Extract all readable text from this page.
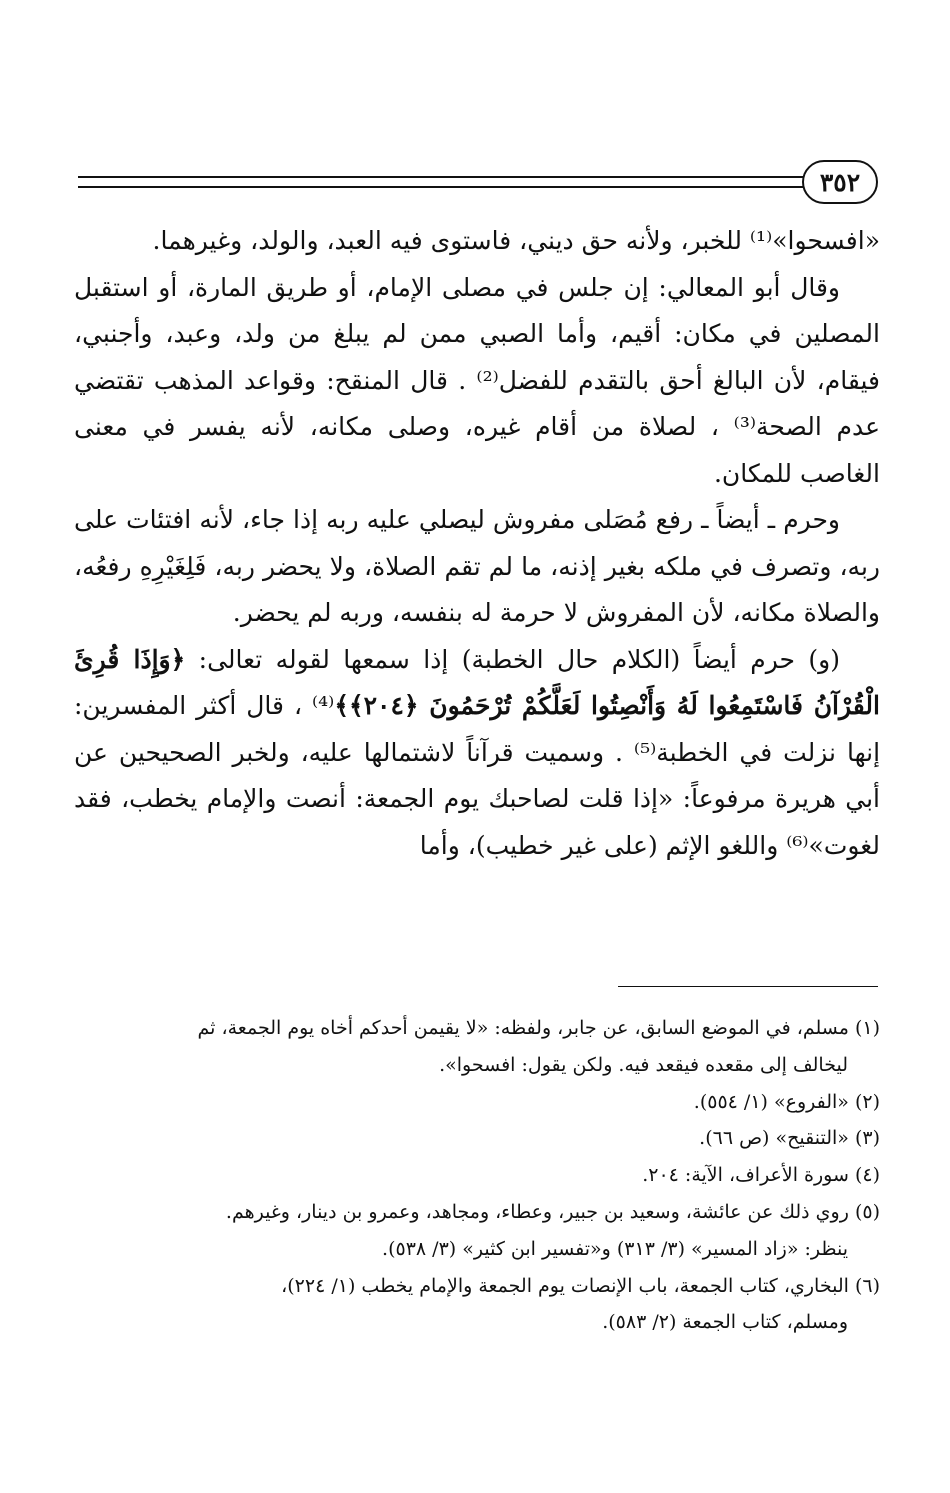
٣٥٢

«افسحوا»⁽¹⁾ للخبر، ولأنه حق ديني، فاستوى فيه العبد، والولد، وغيرهما.

وقال أبو المعالي: إن جلس في مصلى الإمام، أو طريق المارة، أو استقبل المصلين في مكان: أقيم، وأما الصبي ممن لم يبلغ من ولد، وعبد، وأجنبي، فيقام، لأن البالغ أحق بالتقدم للفضل⁽²⁾ . قال المنقح: وقواعد المذهب تقتضي عدم الصحة⁽³⁾ ، لصلاة من أقام غيره، وصلى مكانه، لأنه يفسر في معنى الغاصب للمكان.

وحرم ـ أيضاً ـ رفع مُصَلى مفروش ليصلي عليه ربه إذا جاء، لأنه افتئات على ربه، وتصرف في ملكه بغير إذنه، ما لم تقم الصلاة، ولا يحضر ربه، فَلِغَيْرِهِ رفعُه، والصلاة مكانه، لأن المفروش لا حرمة له بنفسه، وربه لم يحضر.

(و) حرم أيضاً (الكلام حال الخطبة) إذا سمعها لقوله تعالى: ﴿وَإِذَا قُرِئَ الْقُرْآنُ فَاسْتَمِعُوا لَهُ وَأَنْصِتُوا لَعَلَّكُمْ تُرْحَمُونَ ﴿٢٠٤﴾﴾⁽⁴⁾ ، قال أكثر المفسرين: إنها نزلت في الخطبة⁽⁵⁾ . وسميت قرآناً لاشتمالها عليه، ولخبر الصحيحين عن أبي هريرة مرفوعاً: «إذا قلت لصاحبك يوم الجمعة: أنصت والإمام يخطب، فقد لغوت»⁽⁶⁾ واللغو الإثم (على غير خطيب)، وأما

(١) مسلم، في الموضع السابق، عن جابر، ولفظه: «لا يقيمن أحدكم أخاه يوم الجمعة، ثم

ليخالف إلى مقعده فيقعد فيه. ولكن يقول: افسحوا».

(٢) «الفروع» (١/ ٥٥٤).

(٣) «التنقيح» (ص ٦٦).

(٤) سورة الأعراف، الآية: ٢٠٤.

(٥) روي ذلك عن عائشة، وسعيد بن جبير، وعطاء، ومجاهد، وعمرو بن دينار، وغيرهم.

ينظر: «زاد المسير» (٣/ ٣١٣) و«تفسير ابن كثير» (٣/ ٥٣٨).

(٦) البخاري، كتاب الجمعة، باب الإنصات يوم الجمعة والإمام يخطب (١/ ٢٢٤)،

ومسلم، كتاب الجمعة (٢/ ٥٨٣).
